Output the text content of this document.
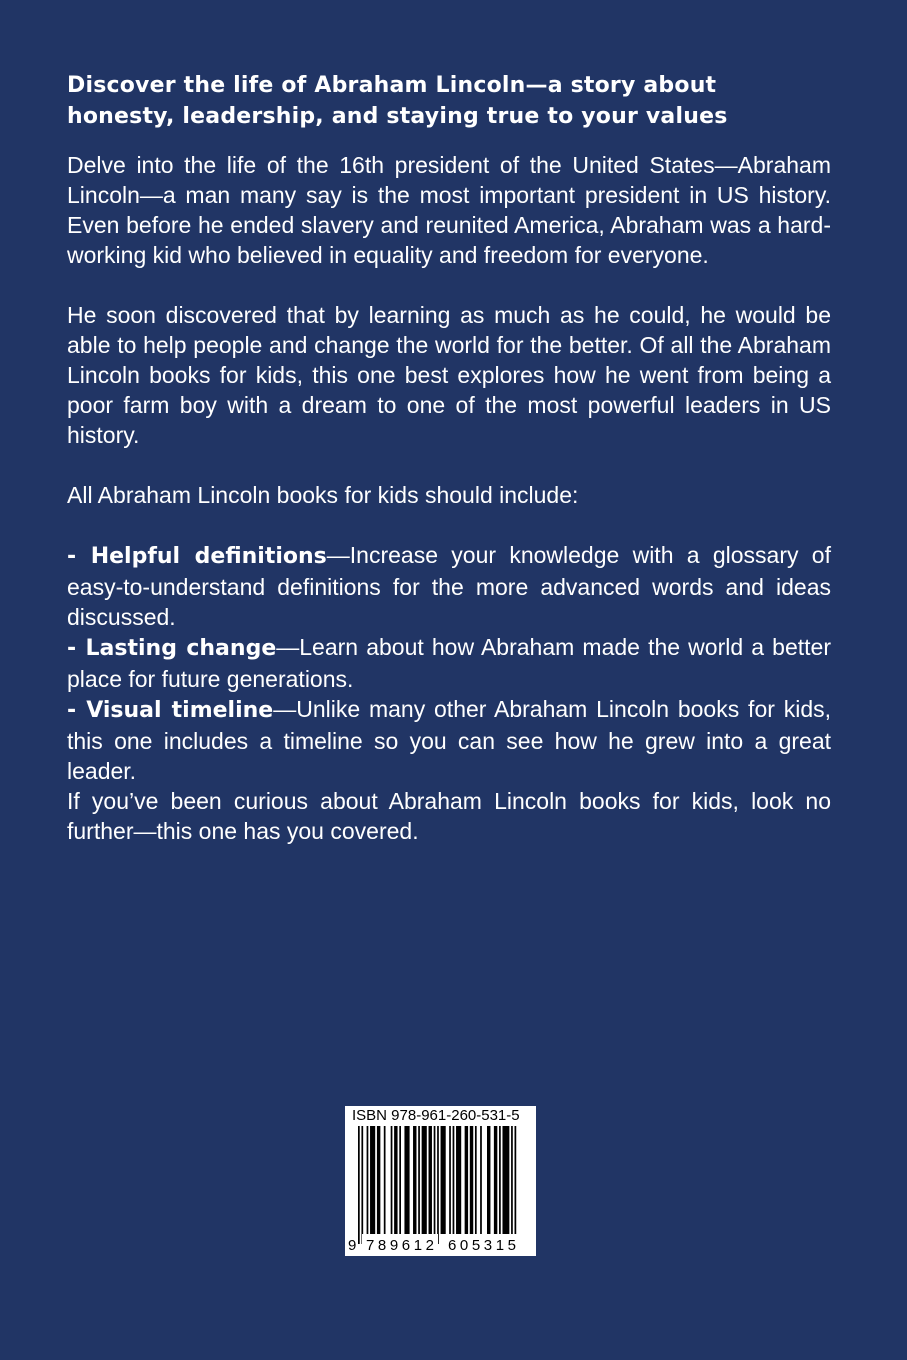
Discover the life of Abraham Lincoln—a story about honesty, leadership, and staying true to your values

Delve into the life of the 16th president of the United States—Abraham Lincoln—a man many say is the most important president in US history. Even before he ended slavery and reunited America, Abraham was a hard-working kid who believed in equality and freedom for everyone.

He soon discovered that by learning as much as he could, he would be able to help people and change the world for the better. Of all the Abraham Lincoln books for kids, this one best explores how he went from being a poor farm boy with a dream to one of the most powerful leaders in US history.

All Abraham Lincoln books for kids should include:

- Helpful definitions—Increase your knowledge with a glossary of easy-to-understand definitions for the more advanced words and ideas discussed.

- Lasting change—Learn about how Abraham made the world a better place for future generations.

- Visual timeline—Unlike many other Abraham Lincoln books for kids, this one includes a timeline so you can see how he grew into a great leader.

If you’ve been curious about Abraham Lincoln books for kids, look no further—this one has you covered.

ISBN 978-961-260-531-5
9 789612 605315
